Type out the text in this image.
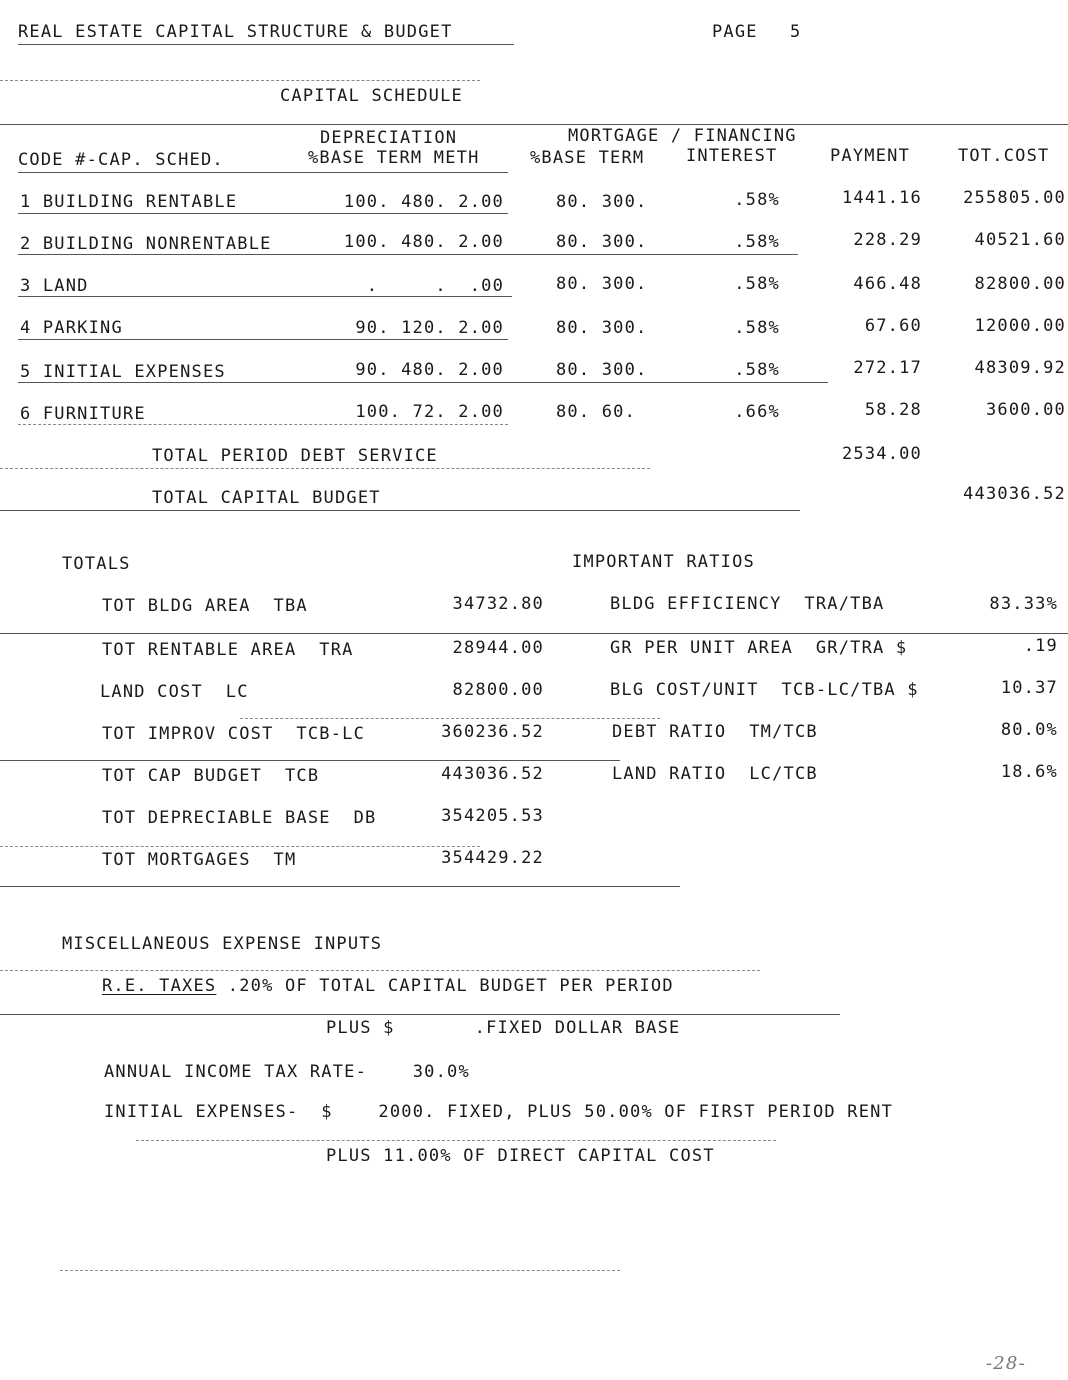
REAL ESTATE CAPITAL STRUCTURE & BUDGET	PAGE 5
CAPITAL SCHEDULE
DEPRECIATION	MORTGAGE / FINANCING
CODE #-CAP. SCHED.	%BASE TERM METH	%BASE TERM INTEREST	PAYMENT	TOT.COST
1 BUILDING RENTABLE	100. 480. 2.00	80. 300.	.58%	1441.16	255805.00
2 BUILDING NONRENTABLE	100. 480. 2.00	80. 300.	.58%	228.29	40521.60
3 LAND	.     .  .00	80. 300.	.58%	466.48	82800.00
4 PARKING	90. 120. 2.00	80. 300.	.58%	67.60	12000.00
5 INITIAL EXPENSES	90. 480. 2.00	80. 300.	.58%	272.17	48309.92
6 FURNITURE	100. 72. 2.00	80. 60.	.66%	58.28	3600.00
TOTAL PERIOD DEBT SERVICE	2534.00
TOTAL CAPITAL BUDGET	443036.52
TOTALS	IMPORTANT RATIOS
TOT BLDG AREA  TBA	34732.80	BLDG EFFICIENCY  TRA/TBA	83.33%
TOT RENTABLE AREA  TRA	28944.00	GR PER UNIT AREA  GR/TRA $	.19
LAND COST  LC	82800.00	BLG COST/UNIT  TCB-LC/TBA $	10.37
TOT IMPROV COST  TCB-LC	360236.52	DEBT RATIO  TM/TCB	80.0%
TOT CAP BUDGET  TCB	443036.52	LAND RATIO  LC/TCB	18.6%
TOT DEPRECIABLE BASE  DB	354205.53
TOT MORTGAGES  TM	354429.22
MISCELLANEOUS EXPENSE INPUTS
R.E. TAXES .20% OF TOTAL CAPITAL BUDGET PER PERIOD
PLUS $       .FIXED DOLLAR BASE
ANNUAL INCOME TAX RATE-    30.0%
INITIAL EXPENSES-  $    2000. FIXED, PLUS 50.00% OF FIRST PERIOD RENT
PLUS 11.00% OF DIRECT CAPITAL COST
-28-
